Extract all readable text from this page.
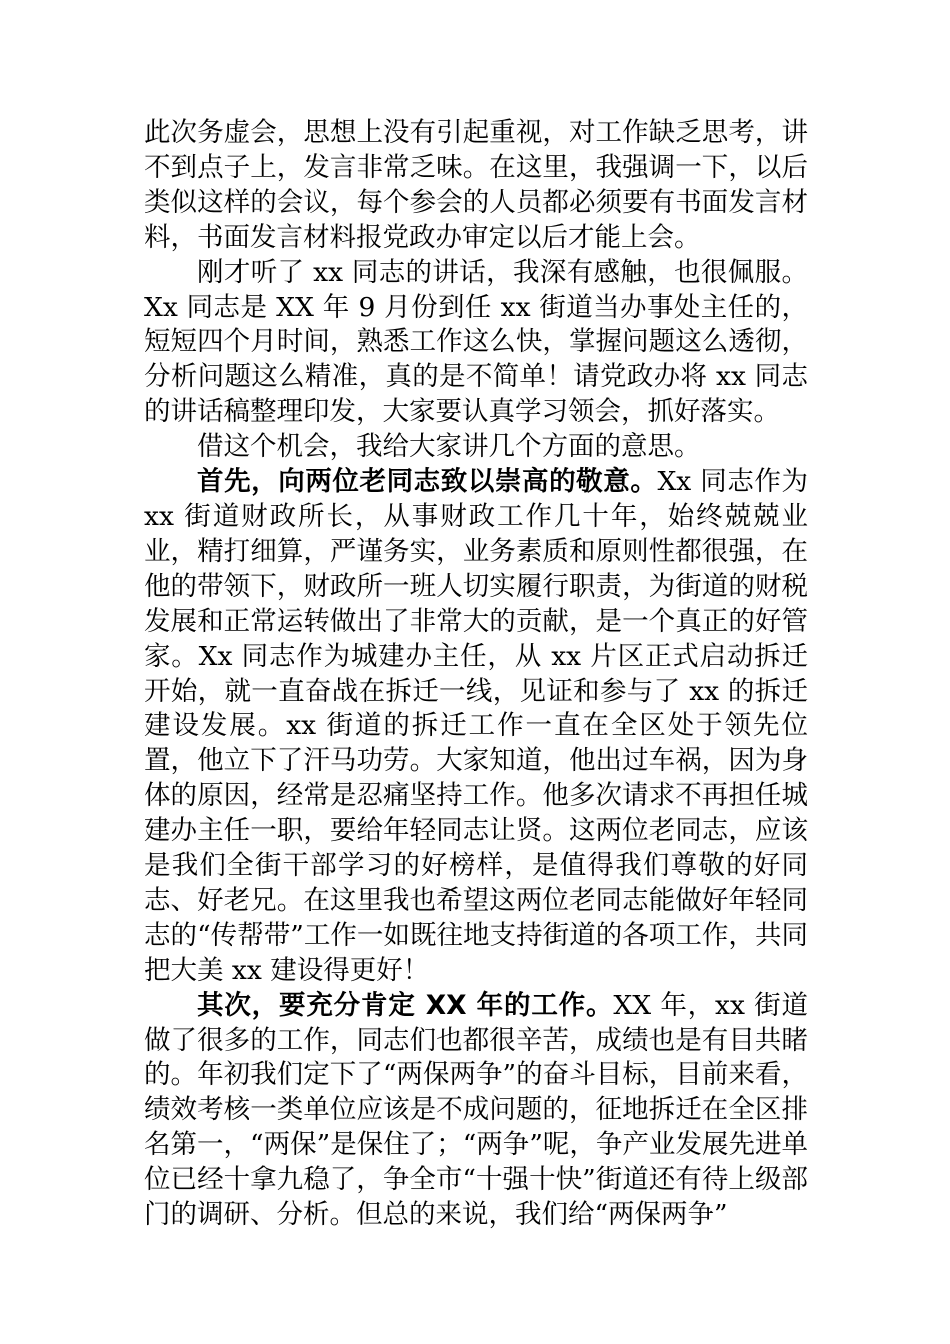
此次务虚会，思想上没有引起重视，对工作缺乏思考，讲不到点子上，发言非常乏味。在这里，我强调一下，以后类似这样的会议，每个参会的人员都必须要有书面发言材料，书面发言材料报党政办审定以后才能上会。

刚才听了 xx 同志的讲话，我深有感触，也很佩服。Xx 同志是 XX 年 9 月份到任 xx 街道当办事处主任的，短短四个月时间，熟悉工作这么快，掌握问题这么透彻，分析问题这么精准，真的是不简单！请党政办将 xx 同志的讲话稿整理印发，大家要认真学习领会，抓好落实。

借这个机会，我给大家讲几个方面的意思。

首先，向两位老同志致以崇高的敬意。Xx 同志作为 xx 街道财政所长，从事财政工作几十年，始终兢兢业业，精打细算，严谨务实，业务素质和原则性都很强，在他的带领下，财政所一班人切实履行职责，为街道的财税发展和正常运转做出了非常大的贡献，是一个真正的好管家。Xx 同志作为城建办主任，从 xx 片区正式启动拆迁开始，就一直奋战在拆迁一线，见证和参与了 xx 的拆迁建设发展。xx 街道的拆迁工作一直在全区处于领先位置，他立下了汗马功劳。大家知道，他出过车祸，因为身体的原因，经常是忍痛坚持工作。他多次请求不再担任城建办主任一职，要给年轻同志让贤。这两位老同志，应该是我们全街干部学习的好榜样，是值得我们尊敬的好同志、好老兄。在这里我也希望这两位老同志能做好年轻同志的“传帮带”工作一如既往地支持街道的各项工作，共同把大美 xx 建设得更好！

其次，要充分肯定 XX 年的工作。XX 年，xx 街道做了很多的工作，同志们也都很辛苦，成绩也是有目共睹的。年初我们定下了“两保两争”的奋斗目标，目前来看，绩效考核一类单位应该是不成问题的，征地拆迁在全区排名第一，“两保”是保住了；“两争”呢，争产业发展先进单位已经十拿九稳了，争全市“十强十快”街道还有待上级部门的调研、分析。但总的来说，我们给“两保两争”
